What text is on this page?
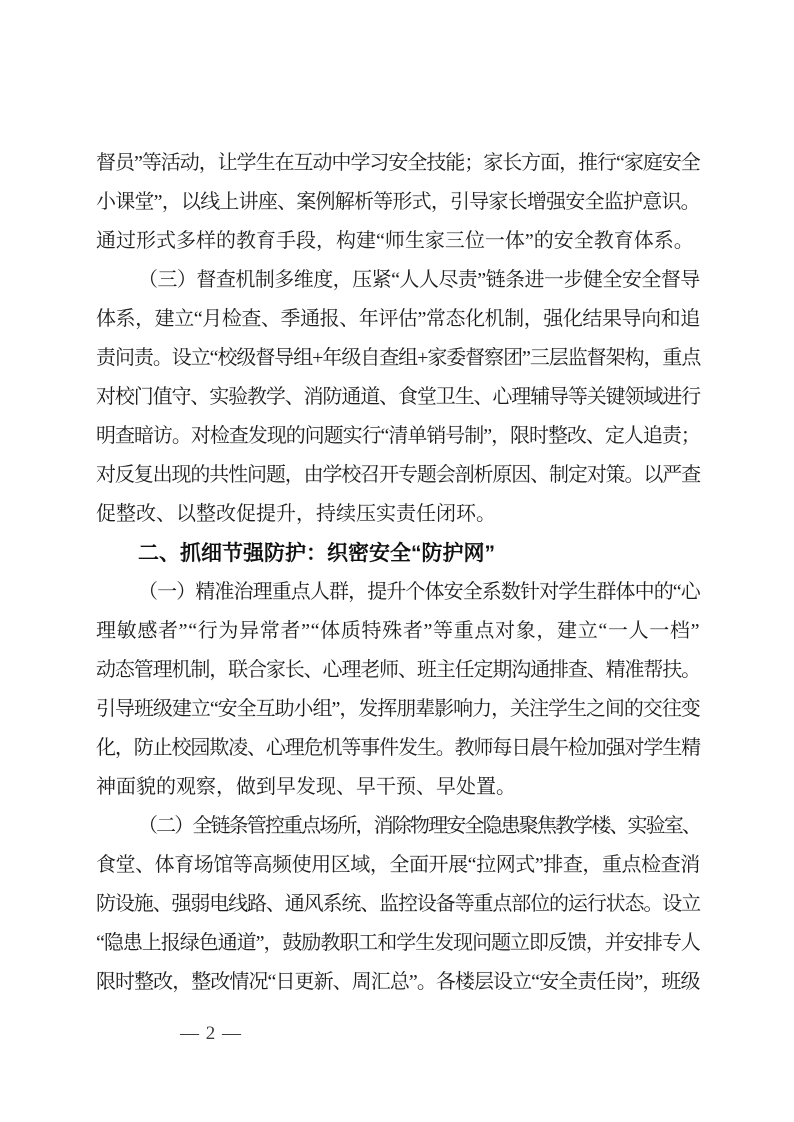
督员”等活动，让学生在互动中学习安全技能；家长方面，推行“家庭安全
小课堂”，以线上讲座、案例解析等形式，引导家长增强安全监护意识。
通过形式多样的教育手段，构建“师生家三位一体”的安全教育体系。
（三）督查机制多维度，压紧“人人尽责”链条进一步健全安全督导
体系，建立“月检查、季通报、年评估”常态化机制，强化结果导向和追
责问责。设立“校级督导组+年级自查组+家委督察团”三层监督架构，重点
对校门值守、实验教学、消防通道、食堂卫生、心理辅导等关键领域进行
明查暗访。对检查发现的问题实行“清单销号制”，限时整改、定人追责；
对反复出现的共性问题，由学校召开专题会剖析原因、制定对策。以严查
促整改、以整改促提升，持续压实责任闭环。
二、抓细节强防护：织密安全“防护网”
（一）精准治理重点人群，提升个体安全系数针对学生群体中的“心
理敏感者”“行为异常者”“体质特殊者”等重点对象，建立“一人一档”
动态管理机制，联合家长、心理老师、班主任定期沟通排查、精准帮扶。
引导班级建立“安全互助小组”，发挥朋辈影响力，关注学生之间的交往变
化，防止校园欺凌、心理危机等事件发生。教师每日晨午检加强对学生精
神面貌的观察，做到早发现、早干预、早处置。
（二）全链条管控重点场所，消除物理安全隐患聚焦教学楼、实验室、
食堂、体育场馆等高频使用区域，全面开展“拉网式”排查，重点检查消
防设施、强弱电线路、通风系统、监控设备等重点部位的运行状态。设立
“隐患上报绿色通道”，鼓励教职工和学生发现问题立即反馈，并安排专人
限时整改，整改情况“日更新、周汇总”。各楼层设立“安全责任岗”，班级
— 2 —
